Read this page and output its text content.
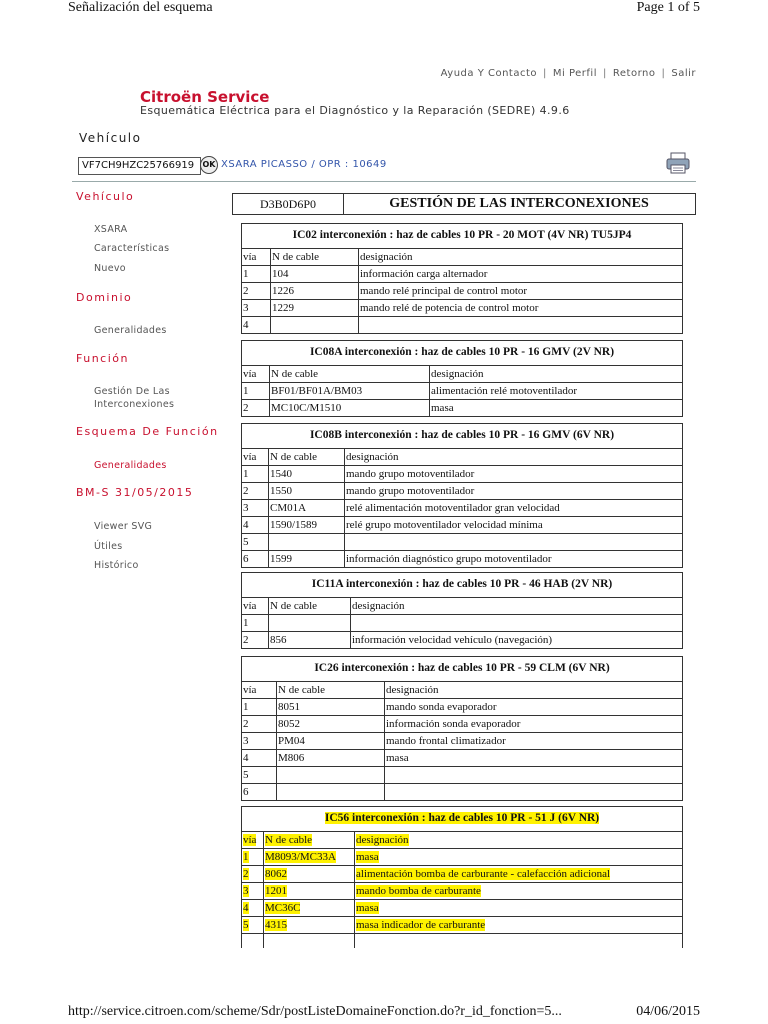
Señalización del esquema	Page 1 of 5
Ayuda Y Contacto | Mi Perfil | Retorno | Salir
Citroën Service
Esquemática Eléctrica para el Diagnóstico y la Reparación (SEDRE) 4.9.6
Vehículo
VF7CH9HZC25766919	OK XSARA PICASSO / OPR : 10649
Vehículo
XSARA
Características
Nuevo
Dominio
Generalidades
Función
Gestión De Las
Interconexiones
Esquema De Función
Generalidades
BM-S 31/05/2015
Viewer SVG
Útiles
Histórico
D3B0D6P0	GESTIÓN DE LAS INTERCONEXIONES
IC02 interconexión : haz de cables 10 PR - 20 MOT (4V NR) TU5JP4
vía	N de cable	designación
1	104	información carga alternador
2	1226	mando relé principal de control motor
3	1229	mando relé de potencia de control motor
4
IC08A interconexión : haz de cables 10 PR - 16 GMV (2V NR)
vía	N de cable	designación
1	BF01/BF01A/BM03	alimentación relé motoventilador
2	MC10C/M1510	masa
IC08B interconexión : haz de cables 10 PR - 16 GMV (6V NR)
vía	N de cable	designación
1	1540	mando grupo motoventilador
2	1550	mando grupo motoventilador
3	CM01A	relé alimentación motoventilador gran velocidad
4	1590/1589	relé grupo motoventilador velocidad mínima
5
6	1599	información diagnóstico grupo motoventilador
IC11A interconexión : haz de cables 10 PR - 46 HAB (2V NR)
vía	N de cable	designación
1
2	856	información velocidad vehículo (navegación)
IC26 interconexión : haz de cables 10 PR - 59 CLM (6V NR)
vía	N de cable	designación
1	8051	mando sonda evaporador
2	8052	información sonda evaporador
3	PM04	mando frontal climatizador
4	M806	masa
5
6
IC56 interconexión : haz de cables 10 PR - 51 J (6V NR)
vía N de cable	designación
1	M8093/MC33A	masa
2	8062	alimentación bomba de carburante - calefacción adicional
3	1201	mando bomba de carburante
4	MC36C	masa
5	4315	masa indicador de carburante
http://service.citroen.com/scheme/Sdr/postListeDomaineFonction.do?r_id_fonction=5...	04/06/2015
